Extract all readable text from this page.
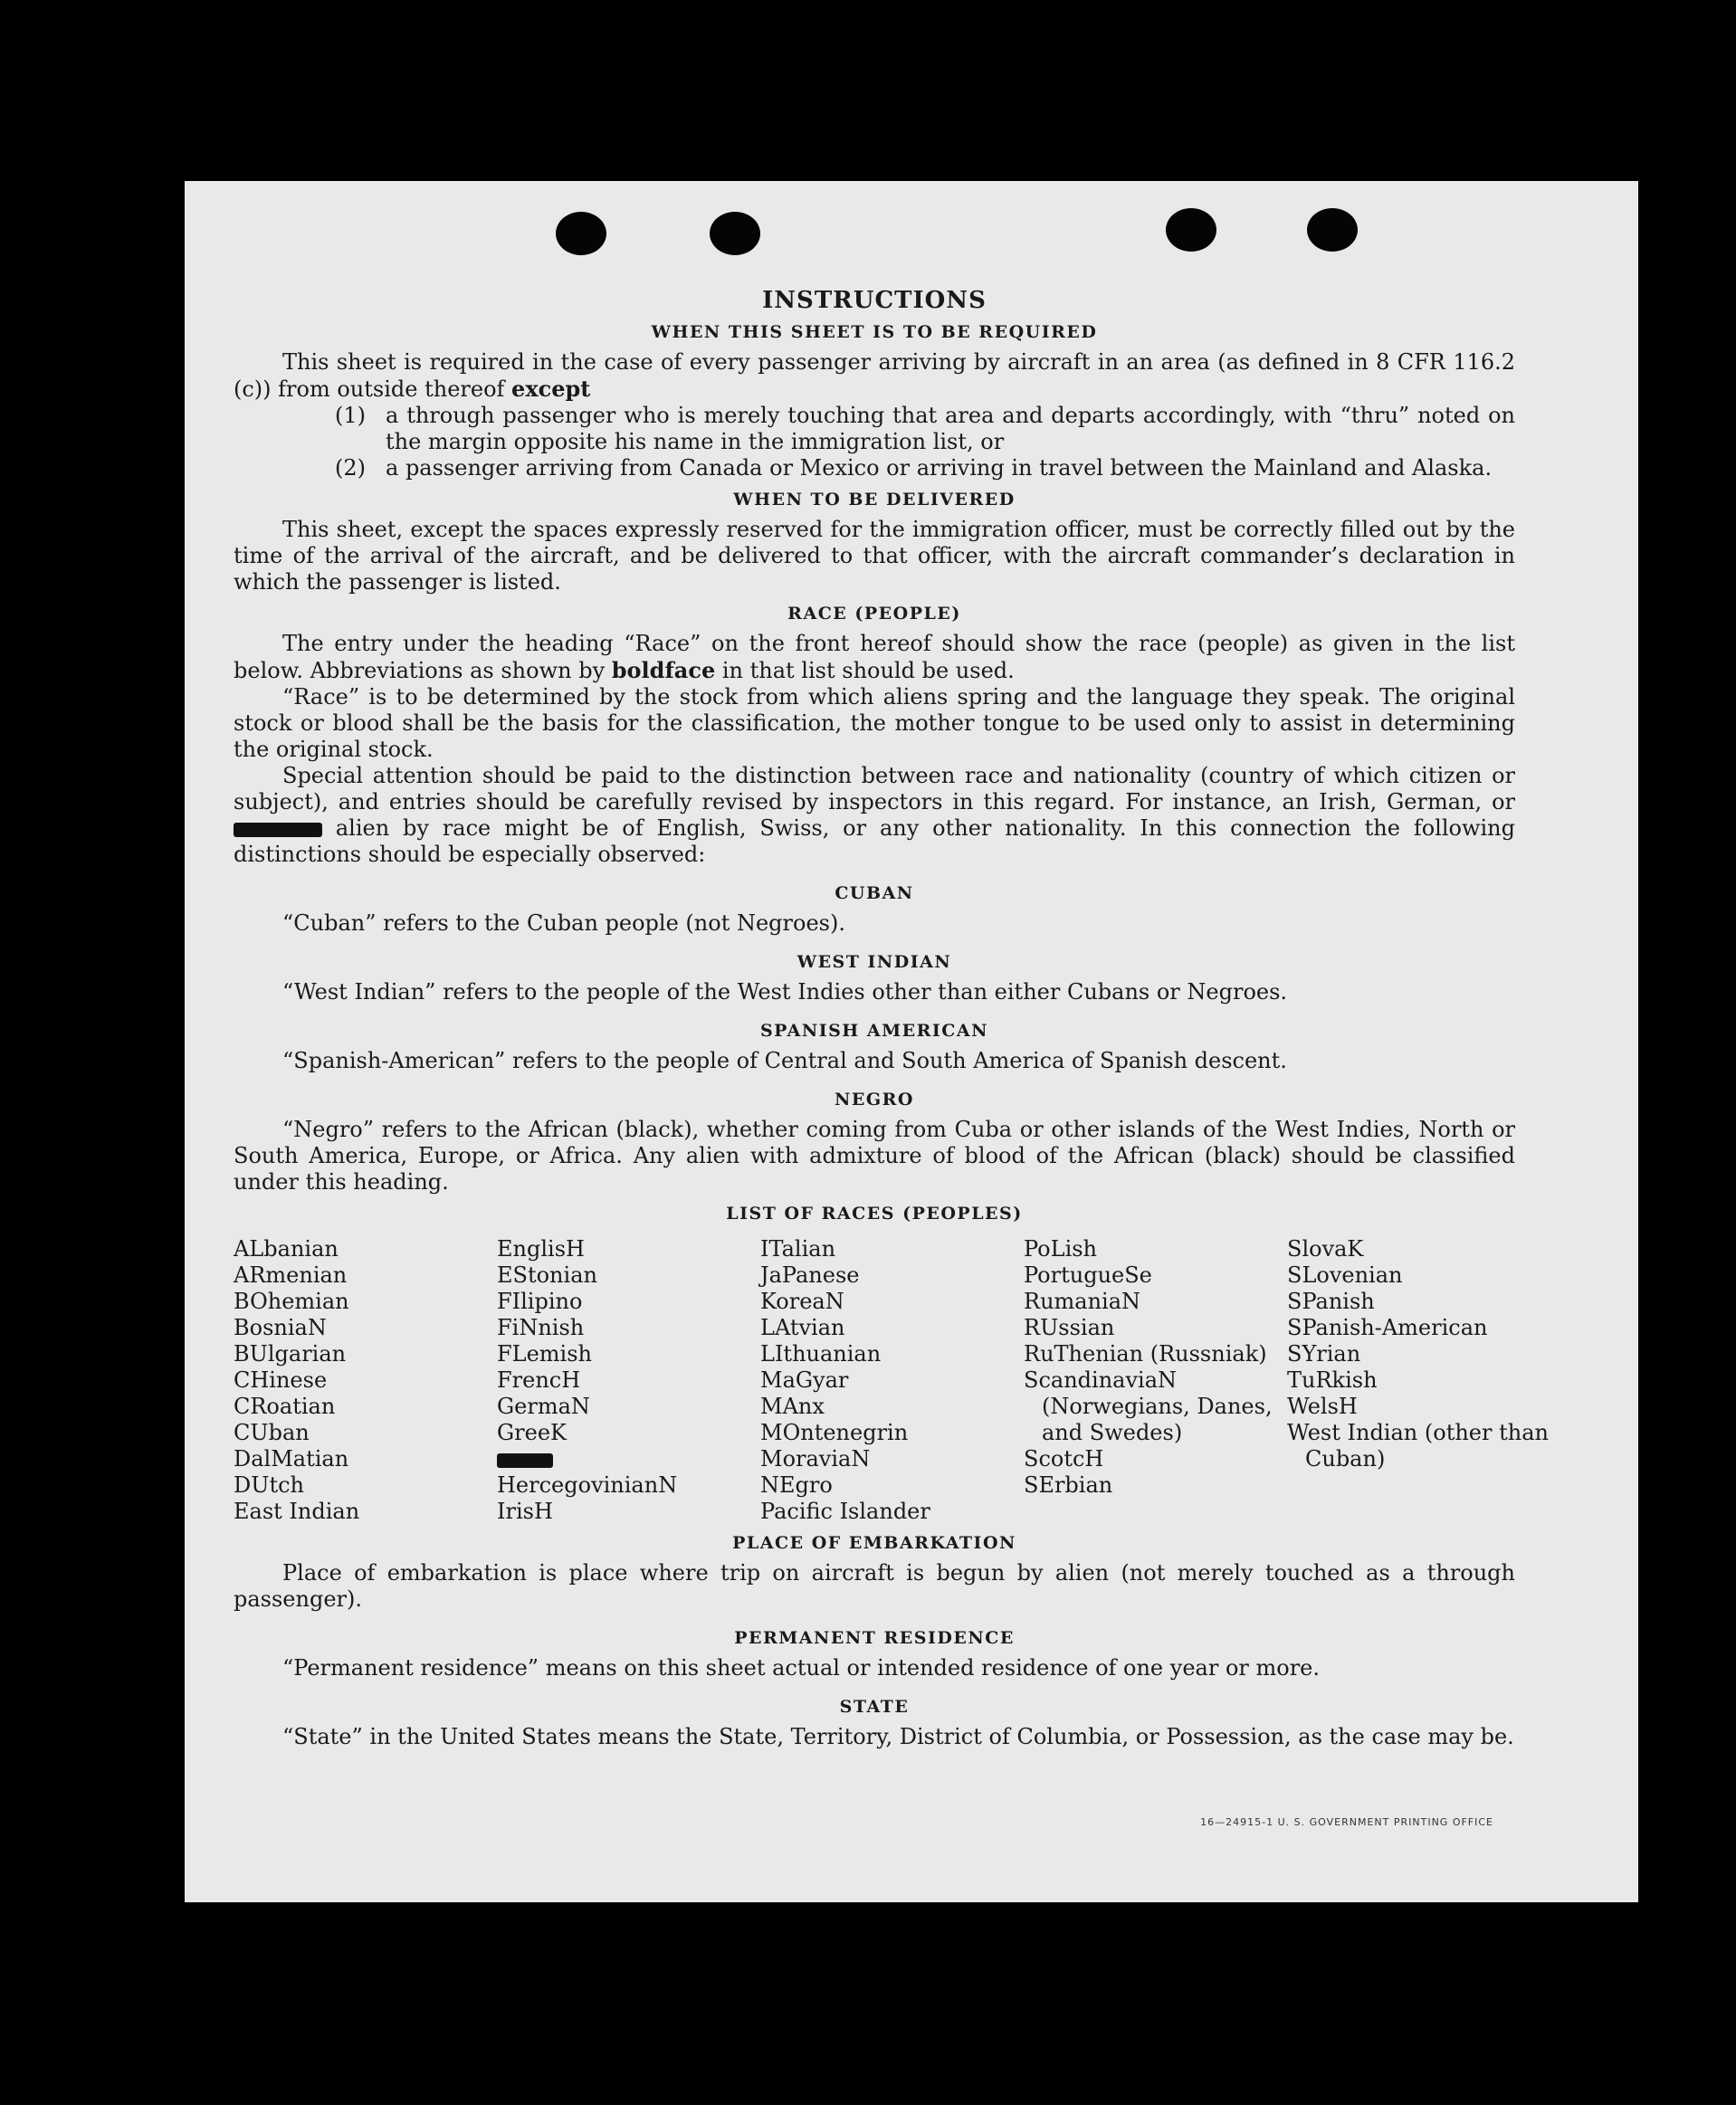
INSTRUCTIONS
WHEN THIS SHEET IS TO BE REQUIRED

This sheet is required in the case of every passenger arriving by aircraft in an area (as defined in 8 CFR 116.2 (c)) from outside thereof except

(1) a through passenger who is merely touching that area and departs accordingly, with “thru” noted on the margin opposite his name in the immigration list, or
(2) a passenger arriving from Canada or Mexico or arriving in travel between the Mainland and Alaska.
WHEN TO BE DELIVERED

This sheet, except the spaces expressly reserved for the immigration officer, must be correctly filled out by the time of the arrival of the aircraft, and be delivered to that officer, with the aircraft commander’s declaration in which the passenger is listed.

RACE (PEOPLE)

The entry under the heading “Race” on the front hereof should show the race (people) as given in the list below. Abbreviations as shown by boldface in that list should be used.

“Race” is to be determined by the stock from which aliens spring and the language they speak. The original stock or blood shall be the basis for the classification, the mother tongue to be used only to assist in determining the original stock.

Special attention should be paid to the distinction between race and nationality (country of which citizen or subject), and entries should be carefully revised by inspectors in this regard. For instance, an Irish, German, or  alien by race might be of English, Swiss, or any other nationality. In this connection the following distinctions should be especially observed:

CUBAN

“Cuban” refers to the Cuban people (not Negroes).

WEST INDIAN

“West Indian” refers to the people of the West Indies other than either Cubans or Negroes.

SPANISH AMERICAN

“Spanish-American” refers to the people of Central and South America of Spanish descent.

NEGRO

“Negro” refers to the African (black), whether coming from Cuba or other islands of the West Indies, North or South America, Europe, or Africa. Any alien with admixture of blood of the African (black) should be classified under this heading.

LIST OF RACES (PEOPLES)
ALbanian
ARmenian
BOhemian
BosniaN
BUlgarian
CHinese
CRoatian
CUban
DalMatian
DUtch
East Indian
EnglisH
EStonian
FIlipino
FiNnish
FLemish
FrencH
GermaN
GreeK
HercegovinianN
IrisH
ITalian
JaPanese
KoreaN
LAtvian
LIthuanian
MaGyar
MAnx
MOntenegrin
MoraviaN
NEgro
Pacific Islander
PoLish
PortugueSe
RumaniaN
RUssian
RuThenian (Russniak)
ScandinaviaN (Norwegians, Danes, and Swedes)
ScotcH
SErbian
SlovaK
SLovenian
SPanish
SPanish-American
SYrian
TuRkish
WelsH
West Indian (other than Cuban)
PLACE OF EMBARKATION

Place of embarkation is place where trip on aircraft is begun by alien (not merely touched as a through passenger).

PERMANENT RESIDENCE

“Permanent residence” means on this sheet actual or intended residence of one year or more.

STATE

“State” in the United States means the State, Territory, District of Columbia, or Possession, as the case may be.

16—24915-1 U. S. GOVERNMENT PRINTING OFFICE
